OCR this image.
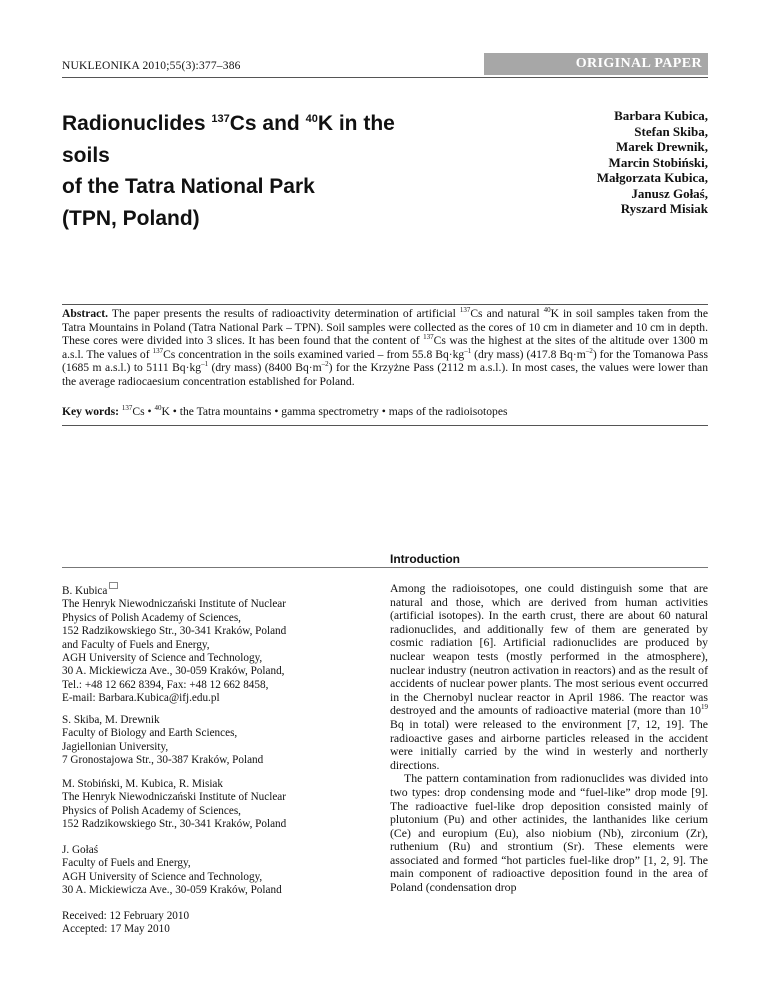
NUKLEONIKA 2010;55(3):377–386	ORIGINAL PAPER
Radionuclides $^{137}$Cs and $^{40}$K in the soils
of the Tatra National Park
(TPN, Poland)
Barbara Kubica,
Stefan Skiba,
Marek Drewnik,
Marcin Stobiński,
Małgorzata Kubica,
Janusz Gołaś,
Ryszard Misiak
Abstract. The paper presents the results of radioactivity determination of artificial $^{137}$Cs and natural $^{40}$K in soil samples taken from the Tatra Mountains in Poland (Tatra National Park – TPN). Soil samples were collected as the cores of 10 cm in diameter and 10 cm in depth. These cores were divided into 3 slices. It has been found that the content of $^{137}$Cs was the highest at the sites of the altitude over 1300 m a.s.l. The values of $^{137}$Cs concentration in the soils examined varied – from 55.8 $Bq\cdot kg^{-1}$ (dry mass) (417.8 $Bq\cdot m^{-2}$) for the Tomanowa Pass (1685 m a.s.l.) to 5111 $Bq\cdot kg^{-1}$ (dry mass) (8400 $Bq\cdot m^{-2}$) for the Krzyżne Pass (2112 m a.s.l.). In most cases, the values were lower than the average radiocaesium concentration established for Poland.
Key words: $^{137}$Cs • $^{40}$K • the Tatra mountains • gamma spectrometry • maps of the radioisotopes
Introduction

Among the radioisotopes, one could distinguish some that are natural and those, which are derived from human activities (artificial isotopes). In the earth crust, there are about 60 natural radionuclides, and additionally few of them are generated by cosmic radiation [6]. Artificial radionuclides are produced by nuclear weapon tests (mostly performed in the atmosphere), nuclear industry (neutron activation in reactors) and as the result of accidents of nuclear power plants. The most serious event occurred in the Chernobyl nuclear reactor in April 1986. The reactor was destroyed and the amounts of radioactive material (more than $10^{19}$ Bq in total) were released to the environment [7, 12, 19]. The radioactive gases and airborne particles released in the accident were initially carried by the wind in westerly and northerly directions.

The pattern contamination from radionuclides was divided into two types: drop condensing mode and “fuel-like” drop mode [9]. The radioactive fuel-like drop deposition consisted mainly of plutonium (Pu) and other actinides, the lanthanides like cerium (Ce) and europium (Eu), also niobium (Nb), zirconium (Zr), ruthenium (Ru) and strontium (Sr). These elements were associated and formed “hot particles fuel-like drop” [1, 2, 9]. The main component of radioactive deposition found in the area of Poland (condensation drop

B. Kubica
The Henryk Niewodniczański Institute of Nuclear
Physics of Polish Academy of Sciences,
152 Radzikowskiego Str., 30-341 Kraków, Poland
and Faculty of Fuels and Energy,
AGH University of Science and Technology,
30 A. Mickiewicza Ave., 30-059 Kraków, Poland,
Tel.: +48 12 662 8394, Fax: +48 12 662 8458,
E-mail: Barbara.Kubica@ifj.edu.pl
S. Skiba, M. Drewnik
Faculty of Biology and Earth Sciences,
Jagiellonian University,
7 Gronostajowa Str., 30-387 Kraków, Poland
M. Stobiński, M. Kubica, R. Misiak
The Henryk Niewodniczański Institute of Nuclear
Physics of Polish Academy of Sciences,
152 Radzikowskiego Str., 30-341 Kraków, Poland
J. Gołaś
Faculty of Fuels and Energy,
AGH University of Science and Technology,
30 A. Mickiewicza Ave., 30-059 Kraków, Poland
Received: 12 February 2010
Accepted: 17 May 2010
